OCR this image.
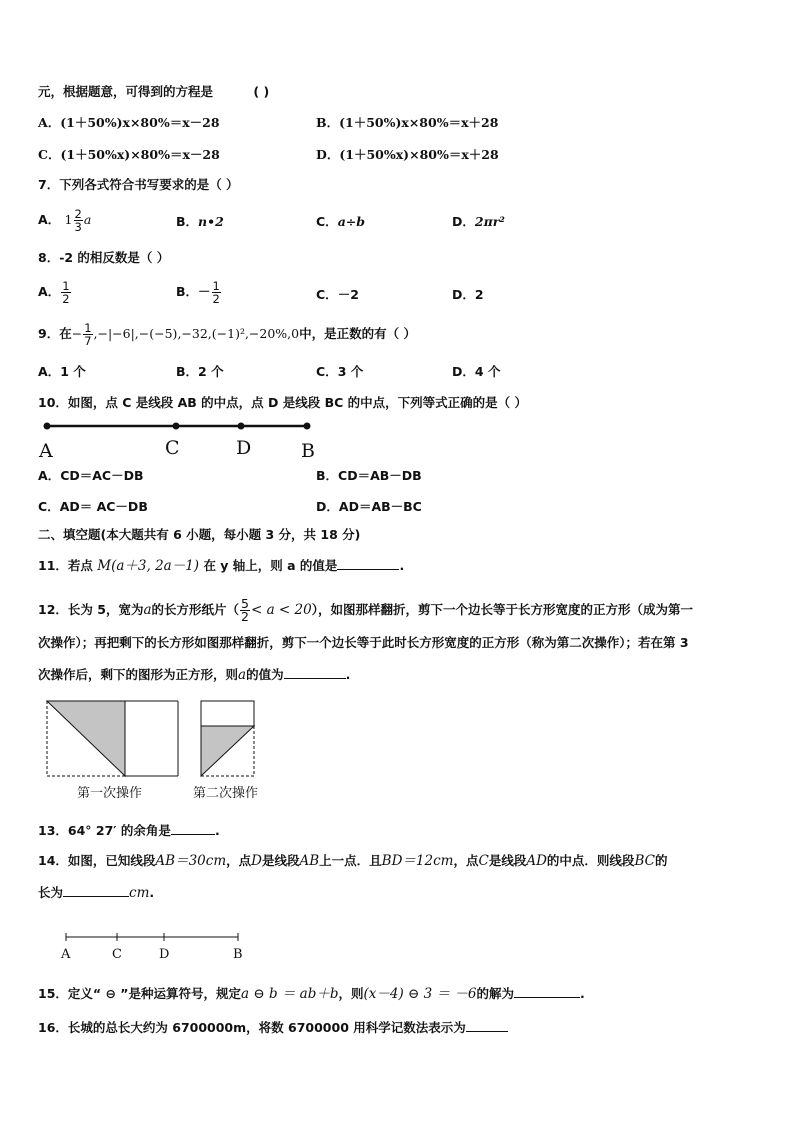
元，根据题意，可得到的方程是	( )
A．(1＋50%)x×80%＝x－28	B．(1＋50%)x×80%＝x＋28
C．(1＋50%x)×80%＝x－28	D．(1＋50%x)×80%＝x＋28
7．下列各式符合书写要求的是（ ）
A． $1 \frac{2}{3}$ a	B．n•2	C．a÷b	D．2πr²
8．-2 的相反数是（ ）
A． $\frac{1}{2}$	B．－ $\frac{1}{2}$	C．－2	D．2
9．在− $\frac{1}{7} ,-|-6|,-(-5),-32,(-1)^2,-20\%,0$中，是正数的有（ ）
A．1 个	B．2 个	C．3 个	D．4 个
10．如图，点 C 是线段 AB 的中点，点 D 是线段 BC 的中点，下列等式正确的是（ ）
A	C	D	B
A．CD＝AC－DB	B．CD＝AB－DB
C．AD＝ AC－DB	D．AD＝AB－BC
二、填空题(本大题共有 6 小题，每小题 3 分，共 18 分)
11．若点 M(a＋3, 2a－1) 在 y 轴上，则 a 的值是	.
12．长为 5，宽为a的长方形纸片（ $\frac{5}{2} < a < 20$），如图那样翻折，剪下一个边长等于长方形宽度的正方形（成为第一
次操作）；再把剩下的长方形如图那样翻折，剪下一个边长等于此时长方形宽度的正方形（称为第二次操作）；若在第 3
次操作后，剩下的图形为正方形，则a的值为	.
第一次操作	第二次操作
13．64° 27′ 的余角是	.
14．如图，已知线段AB＝30cm，点D是线段AB上一点．且BD＝12cm，点C是线段AD的中点．则线段BC的
长为	cm.
A	C	D	B
15．定义“ ⊖ ”是种运算符号，规定a ⊖ b ＝ ab＋b，则(x－4) ⊖ 3 ＝ －6的解为	.
16．长城的总长大约为 6700000m，将数 6700000 用科学记数法表示为
